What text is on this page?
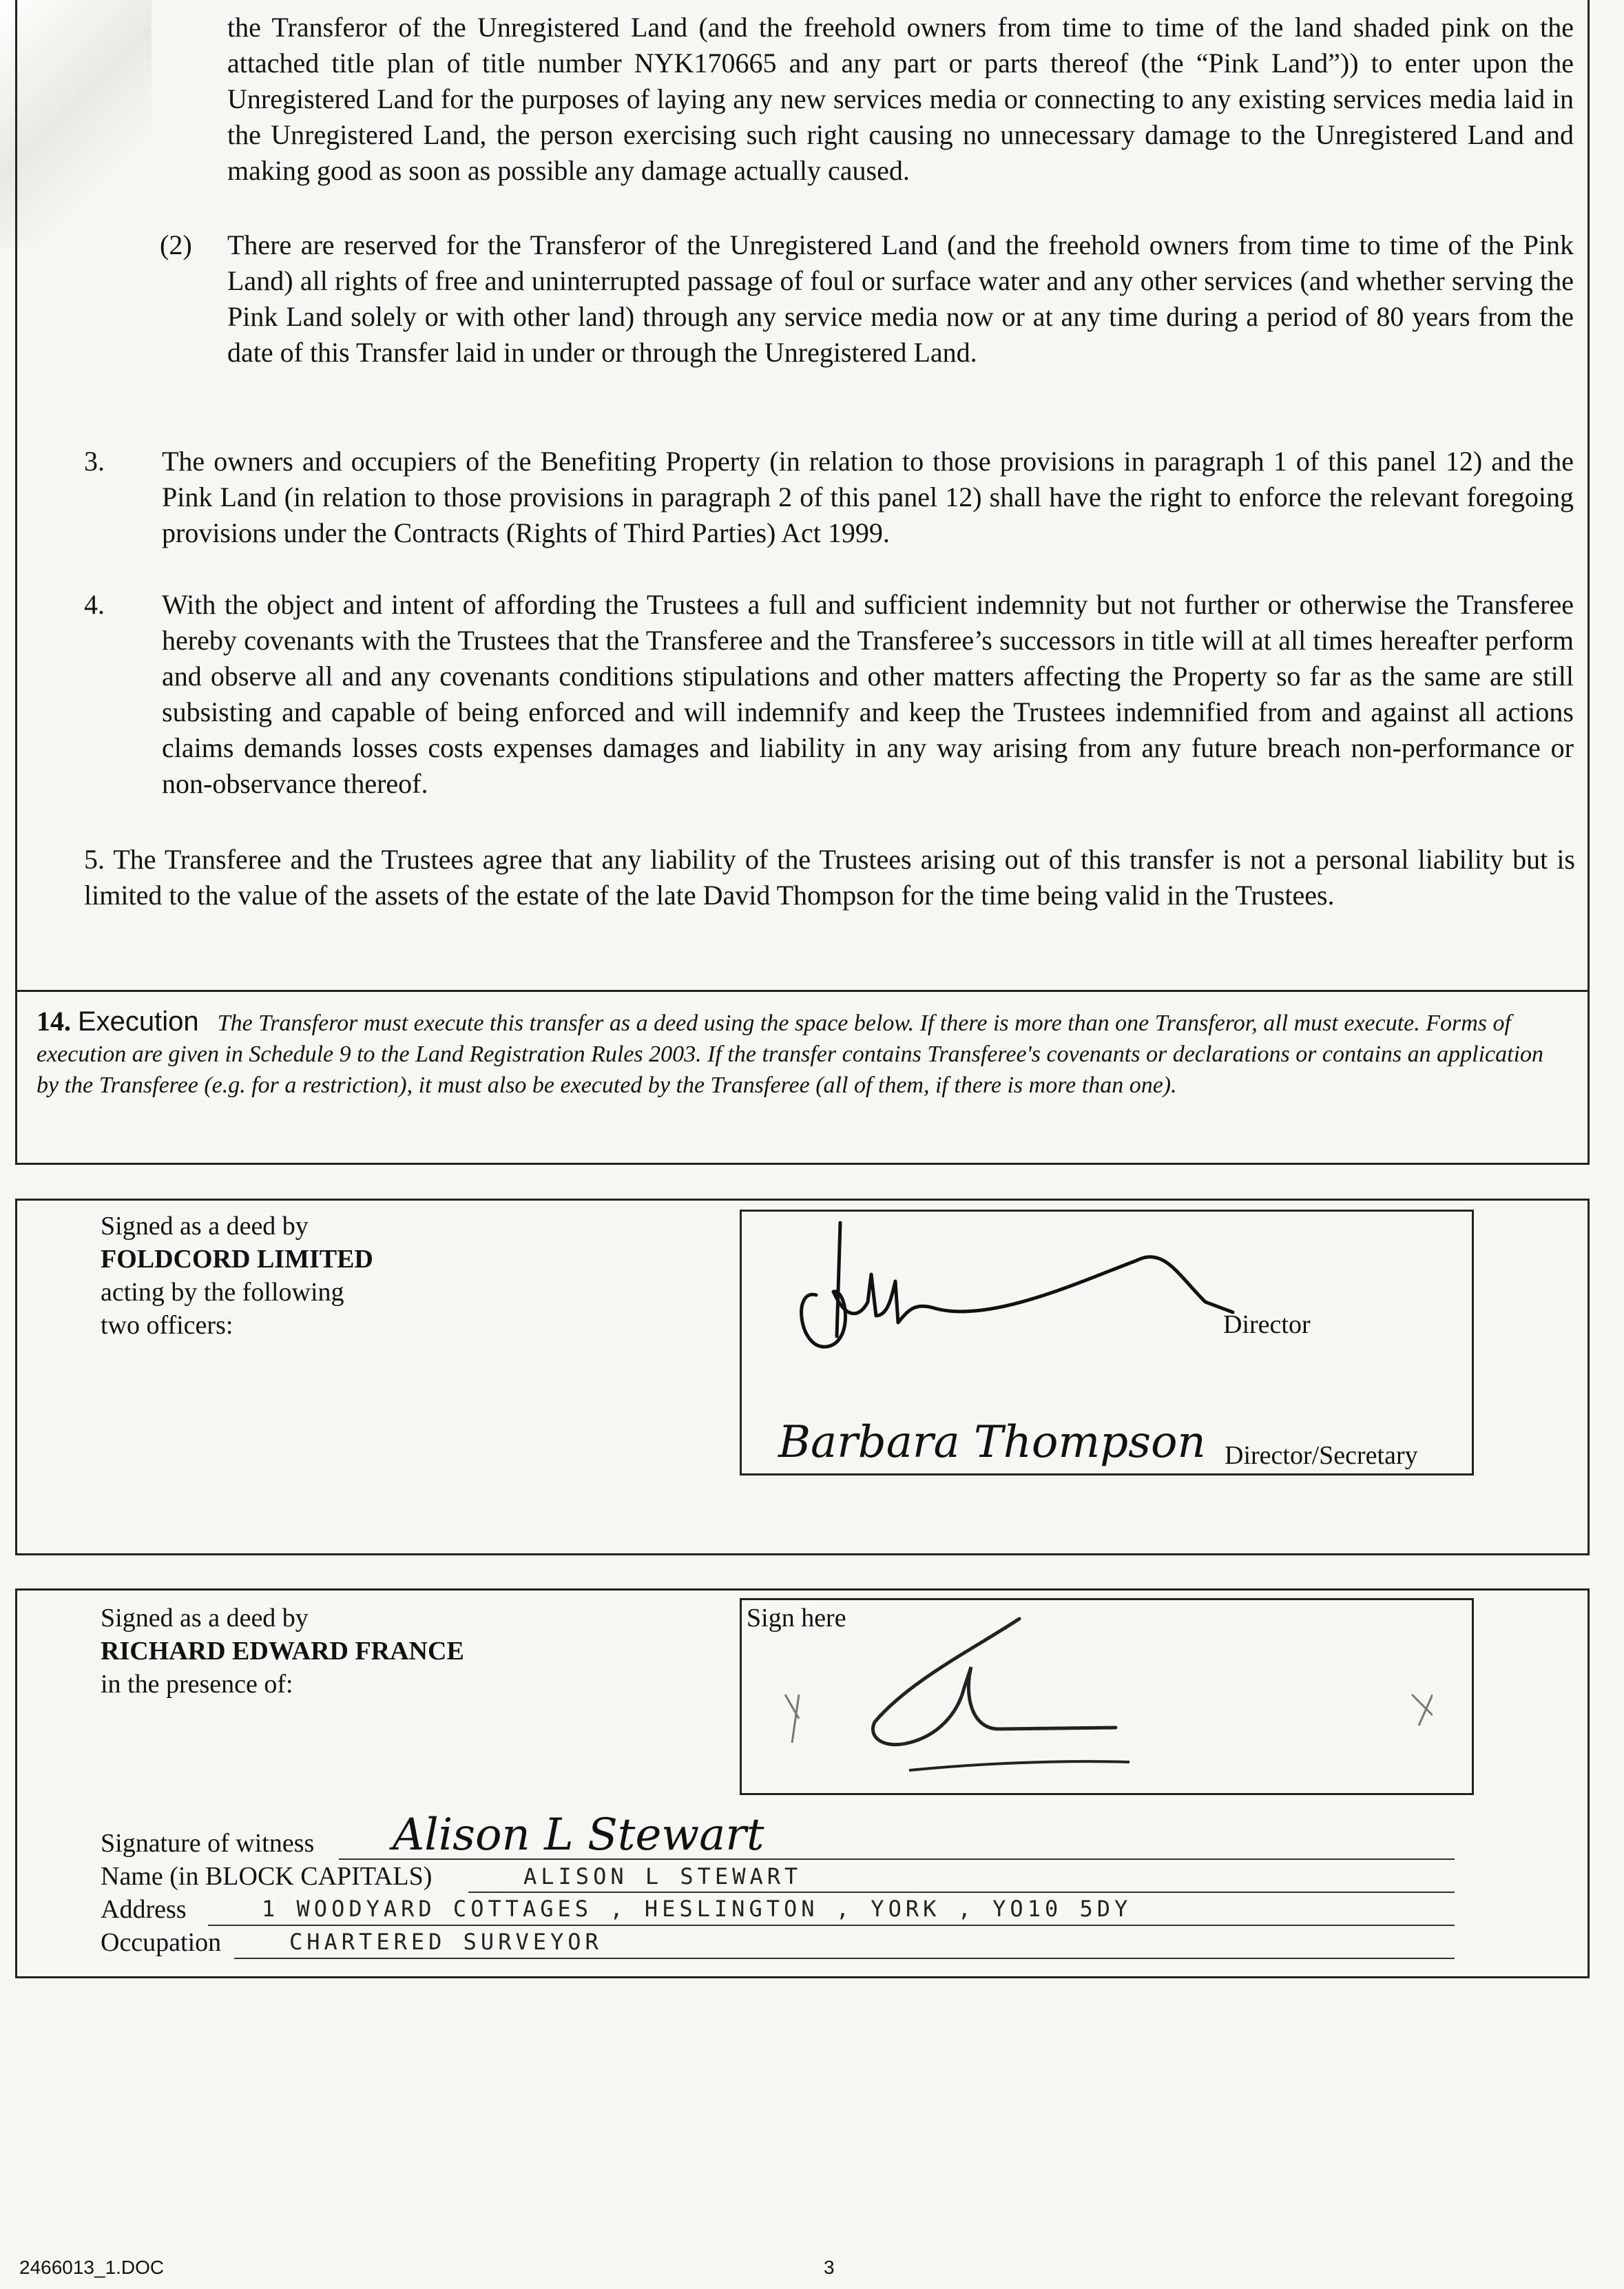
the Transferor of the Unregistered Land (and the freehold owners from time to time of the land shaded pink on the attached title plan of title number NYK170665 and any part or parts thereof (the “Pink Land”)) to enter upon the Unregistered Land for the purposes of laying any new services media or connecting to any existing services media laid in the Unregistered Land, the person exercising such right causing no unnecessary damage to the Unregistered Land and making good as soon as possible any damage actually caused.
(2) There are reserved for the Transferor of the Unregistered Land (and the freehold owners from time to time of the Pink Land) all rights of free and uninterrupted passage of foul or surface water and any other services (and whether serving the Pink Land solely or with other land) through any service media now or at any time during a period of 80 years from the date of this Transfer laid in under or through the Unregistered Land.
3. The owners and occupiers of the Benefiting Property (in relation to those provisions in paragraph 1 of this panel 12) and the Pink Land (in relation to those provisions in paragraph 2 of this panel 12) shall have the right to enforce the relevant foregoing provisions under the Contracts (Rights of Third Parties) Act 1999.
4. With the object and intent of affording the Trustees a full and sufficient indemnity but not further or otherwise the Transferee hereby covenants with the Trustees that the Transferee and the Transferee’s successors in title will at all times hereafter perform and observe all and any covenants conditions stipulations and other matters affecting the Property so far as the same are still subsisting and capable of being enforced and will indemnify and keep the Trustees indemnified from and against all actions claims demands losses costs expenses damages and liability in any way arising from any future breach non-performance or non-observance thereof.
5. The Transferee and the Trustees agree that any liability of the Trustees arising out of this transfer is not a personal liability but is limited to the value of the assets of the estate of the late David Thompson for the time being valid in the Trustees.
14. Execution The Transferor must execute this transfer as a deed using the space below. If there is more than one Transferor, all must execute. Forms of execution are given in Schedule 9 to the Land Registration Rules 2003. If the transfer contains Transferee's covenants or declarations or contains an application by the Transferee (e.g. for a restriction), it must also be executed by the Transferee (all of them, if there is more than one).
Signed as a deed by
FOLDCORD LIMITED
acting by the following
two officers:	Director
Barbara Thompson Director/Secretary
Signed as a deed by
RICHARD EDWARD FRANCE
in the presence of:
Sign here
Signature of witness Alison L Stewart
Name (in BLOCK CAPITALS)	ALISON L STEWART
Address	1 WOODYARD COTTAGES , HESLINGTON , YORK , YO10 5DY
Occupation	CHARTERED SURVEYOR
2466013_1.DOC	3
